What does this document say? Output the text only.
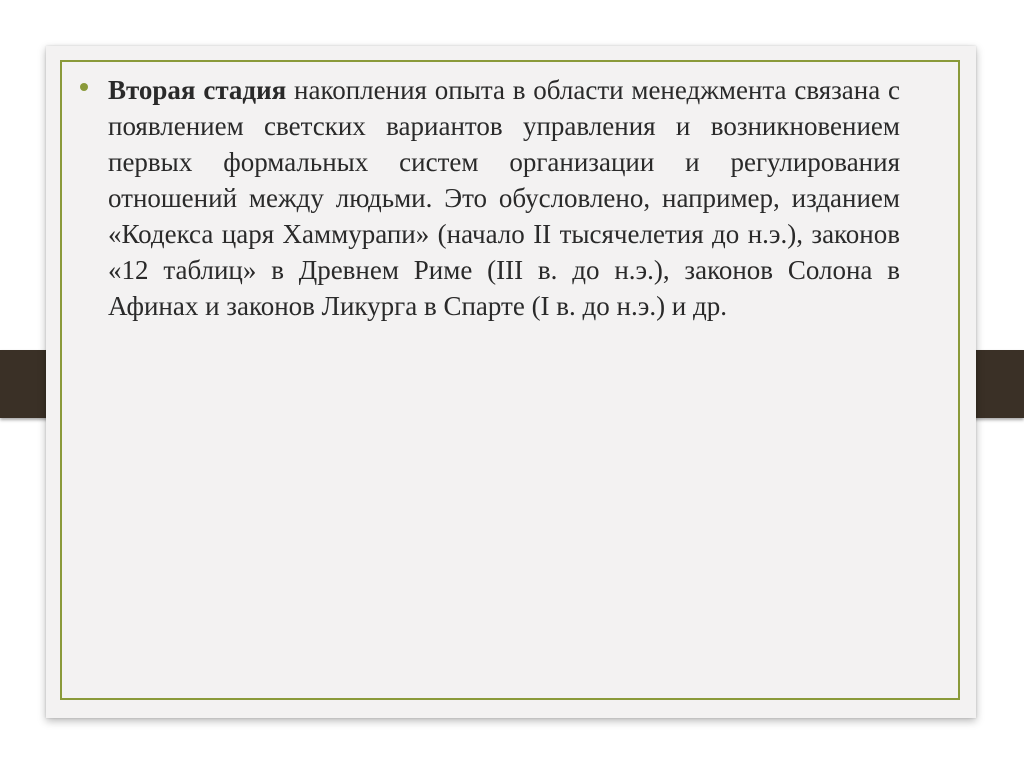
Вторая стадия накопления опыта в области менеджмента связана с появлением светских вариантов управления и возникновением первых формальных систем организации и регулирования отношений между людьми. Это обусловлено, например, изданием «Кодекса царя Хаммурапи» (начало II тысячелетия до н.э.), законов «12 таблиц» в Древнем Риме (III в. до н.э.), законов Солона в Афинах и законов Ликурга в Спарте (I в. до н.э.) и др.
